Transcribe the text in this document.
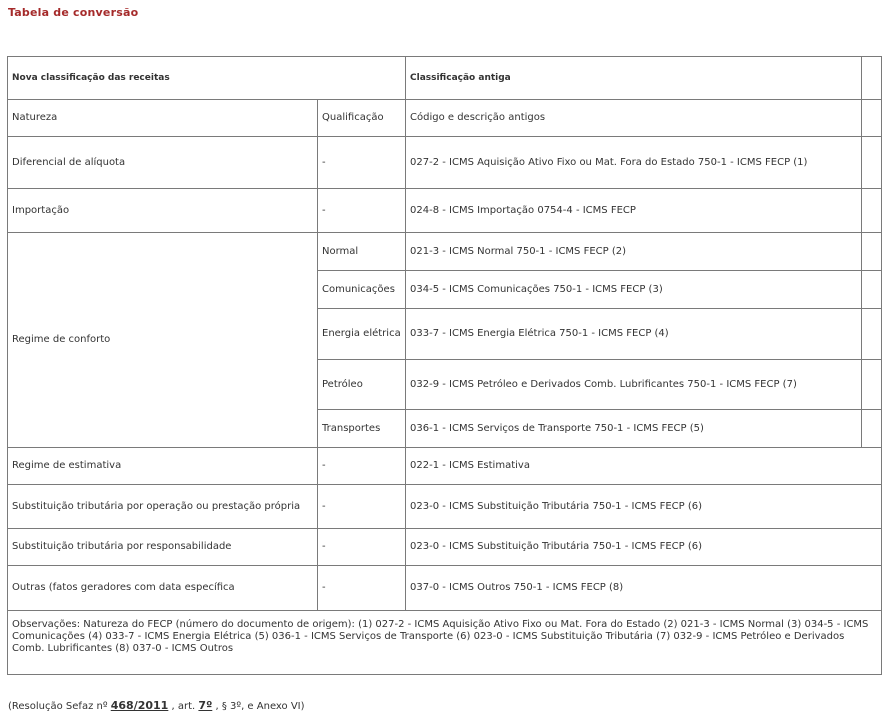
Tabela de conversão
Nova classificação das receitas		Classificação antiga	
Natureza	Qualificação	Código e descrição antigos	
Diferencial de alíquota	-	027-2 - ICMS Aquisição Ativo Fixo ou Mat. Fora do Estado 750-1 - ICMS FECP (1)	
Importação	-	024-8 - ICMS Importação 0754-4 - ICMS FECP	
Regime de conforto	Normal	021-3 - ICMS Normal 750-1 - ICMS FECP (2)	
	Comunicações	034-5 - ICMS Comunicações 750-1 - ICMS FECP (3)	
	Energia elétrica	033-7 - ICMS Energia Elétrica 750-1 - ICMS FECP (4)	
	Petróleo	032-9 - ICMS Petróleo e Derivados Comb. Lubrificantes 750-1 - ICMS FECP (7)	
	Transportes	036-1 - ICMS Serviços de Transporte 750-1 - ICMS FECP (5)	
Regime de estimativa	-	022-1 - ICMS Estimativa	
Substituição tributária por operação ou prestação própria	-	023-0 - ICMS Substituição Tributária 750-1 - ICMS FECP (6)	
Substituição tributária por responsabilidade	-	023-0 - ICMS Substituição Tributária 750-1 - ICMS FECP (6)	
Outras (fatos geradores com data específica	-	037-0 - ICMS Outros 750-1 - ICMS FECP (8)	
Observações: Natureza do FECP (número do documento de origem): (1) 027-2 - ICMS Aquisição Ativo Fixo ou Mat. Fora do Estado (2) 021-3 - ICMS Normal (3) 034-5 - ICMS Comunicações (4) 033-7 - ICMS Energia Elétrica (5) 036-1 - ICMS Serviços de Transporte (6) 023-0 - ICMS Substituição Tributária (7) 032-9 - ICMS Petróleo e Derivados Comb. Lubrificantes (8) 037-0 - ICMS Outros			
(Resolução Sefaz nº 468/2011 , art. 7º , § 3º, e Anexo VI)
